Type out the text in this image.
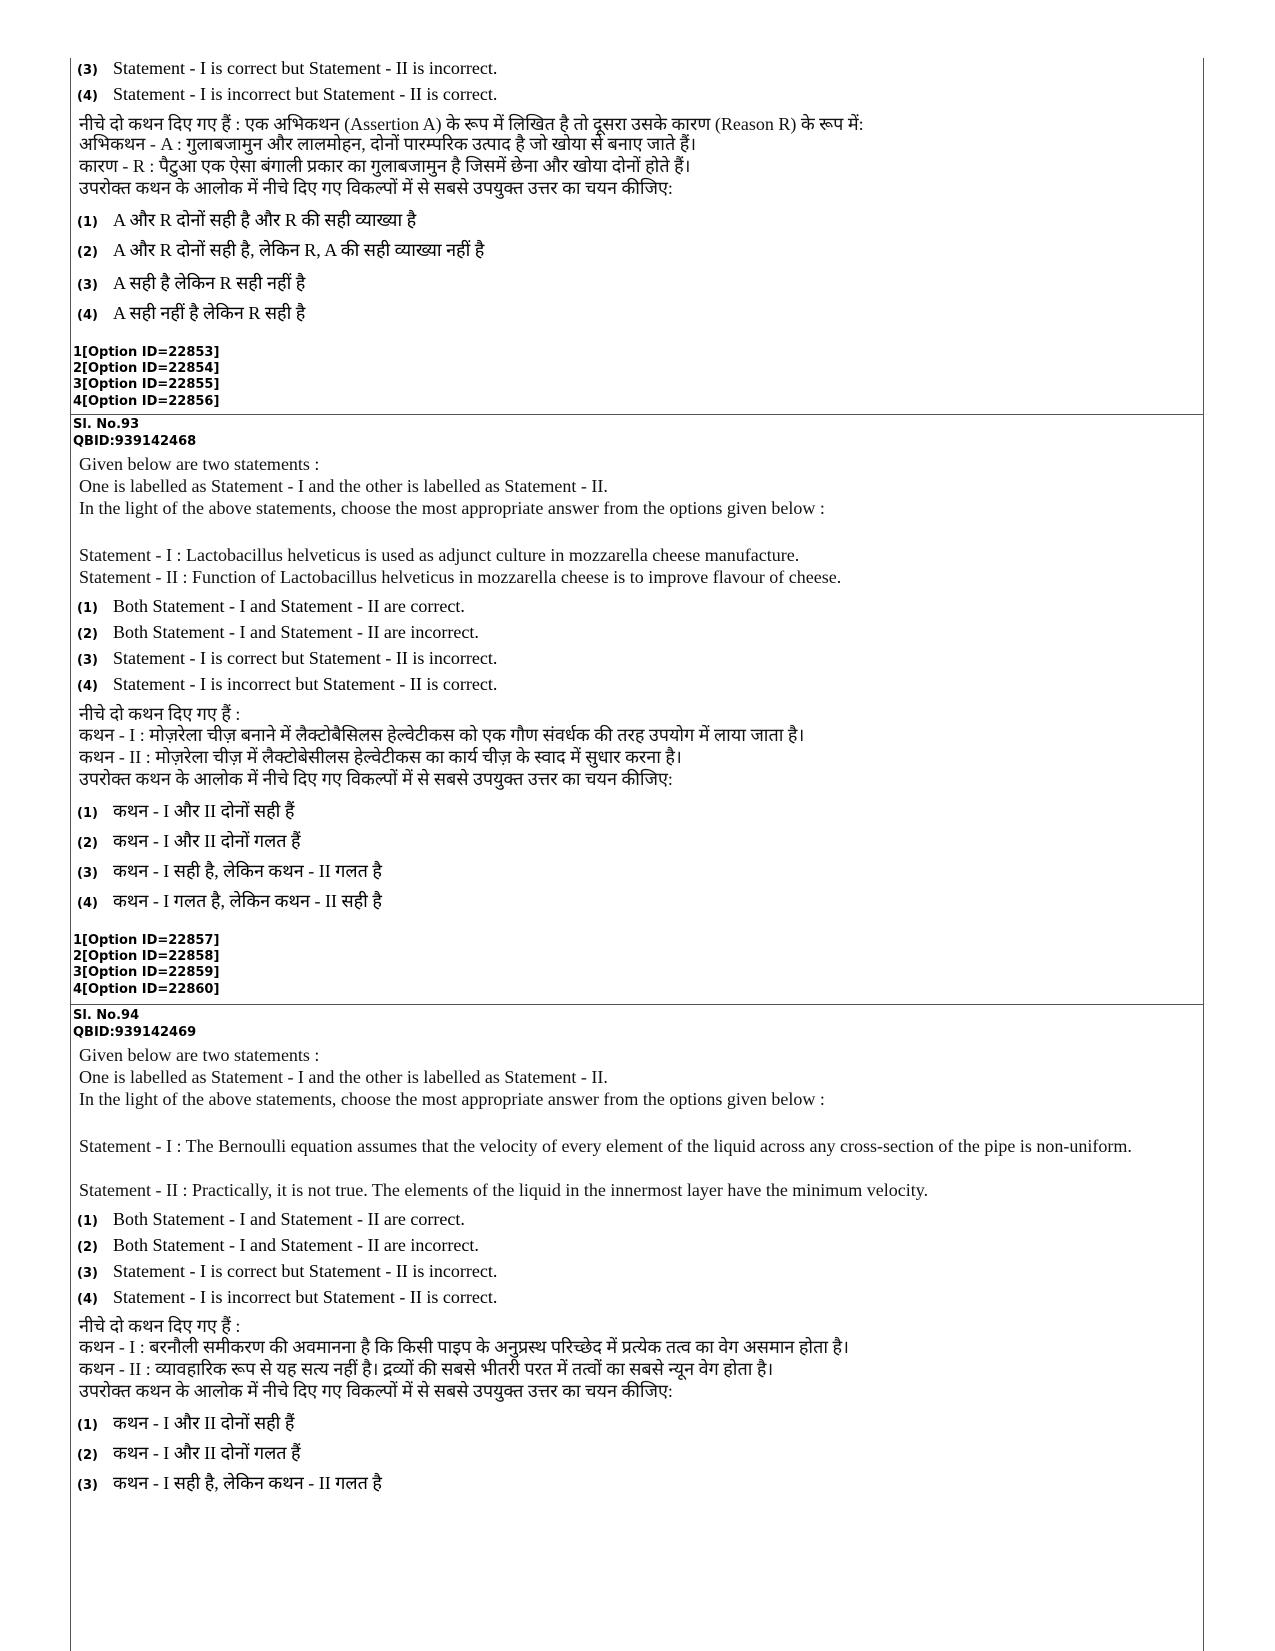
(3) Statement - I is correct but Statement - II is incorrect.
(4) Statement - I is incorrect but Statement - II is correct.
नीचे दो कथन दिए गए हैं : एक अभिकथन (Assertion A) के रूप में लिखित है तो दूसरा उसके कारण (Reason R) के रूप में:
अभिकथन - A : गुलाबजामुन और लालमोहन, दोनों पारम्परिक उत्पाद है जो खोया से बनाए जाते हैं।
कारण - R : पैटुआ एक ऐसा बंगाली प्रकार का गुलाबजामुन है जिसमें छेना और खोया दोनों होते हैं।
उपरोक्त कथन के आलोक में नीचे दिए गए विकल्पों में से सबसे उपयुक्त उत्तर का चयन कीजिए:
(1) A और R दोनों सही है और R की सही व्याख्या है
(2) A और R दोनों सही है, लेकिन R, A की सही व्याख्या नहीं है
(3) A सही है लेकिन R सही नहीं है
(4) A सही नहीं है लेकिन R सही है
1[Option ID=22853]
2[Option ID=22854]
3[Option ID=22855]
4[Option ID=22856]
Sl. No.93
QBID:939142468
Given below are two statements :
One is labelled as Statement - I and the other is labelled as Statement - II.
In the light of the above statements, choose the most appropriate answer from the options given below :
Statement - I : Lactobacillus helveticus is used as adjunct culture in mozzarella cheese manufacture.
Statement - II : Function of Lactobacillus helveticus in mozzarella cheese is to improve flavour of cheese.
(1) Both Statement - I and Statement - II are correct.
(2) Both Statement - I and Statement - II are incorrect.
(3) Statement - I is correct but Statement - II is incorrect.
(4) Statement - I is incorrect but Statement - II is correct.
नीचे दो कथन दिए गए हैं :
कथन - I : मोज़रेला चीज़ बनाने में लैक्टोबैसिलस हेल्वेटीकस को एक गौण संवर्धक की तरह उपयोग में लाया जाता है।
कथन - II : मोज़रेला चीज़ में लैक्टोबेसीलस हेल्वेटीकस का कार्य चीज़ के स्वाद में सुधार करना है।
उपरोक्त कथन के आलोक में नीचे दिए गए विकल्पों में से सबसे उपयुक्त उत्तर का चयन कीजिए:
(1) कथन - I और II दोनों सही हैं
(2) कथन - I और II दोनों गलत हैं
(3) कथन - I सही है, लेकिन कथन - II गलत है
(4) कथन - I गलत है, लेकिन कथन - II सही है
1[Option ID=22857]
2[Option ID=22858]
3[Option ID=22859]
4[Option ID=22860]
Sl. No.94
QBID:939142469
Given below are two statements :
One is labelled as Statement - I and the other is labelled as Statement - II.
In the light of the above statements, choose the most appropriate answer from the options given below :
Statement - I : The Bernoulli equation assumes that the velocity of every element of the liquid across any cross-section of the pipe is non-uniform.
Statement - II : Practically, it is not true. The elements of the liquid in the innermost layer have the minimum velocity.
(1) Both Statement - I and Statement - II are correct.
(2) Both Statement - I and Statement - II are incorrect.
(3) Statement - I is correct but Statement - II is incorrect.
(4) Statement - I is incorrect but Statement - II is correct.
नीचे दो कथन दिए गए हैं :
कथन - I : बरनौली समीकरण की अवमानना है कि किसी पाइप के अनुप्रस्थ परिच्छेद में प्रत्येक तत्व का वेग असमान होता है।
कथन - II : व्यावहारिक रूप से यह सत्य नहीं है। द्रव्यों की सबसे भीतरी परत में तत्वों का सबसे न्यून वेग होता है।
उपरोक्त कथन के आलोक में नीचे दिए गए विकल्पों में से सबसे उपयुक्त उत्तर का चयन कीजिए:
(1) कथन - I और II दोनों सही हैं
(2) कथन - I और II दोनों गलत हैं
(3) कथन - I सही है, लेकिन कथन - II गलत है
